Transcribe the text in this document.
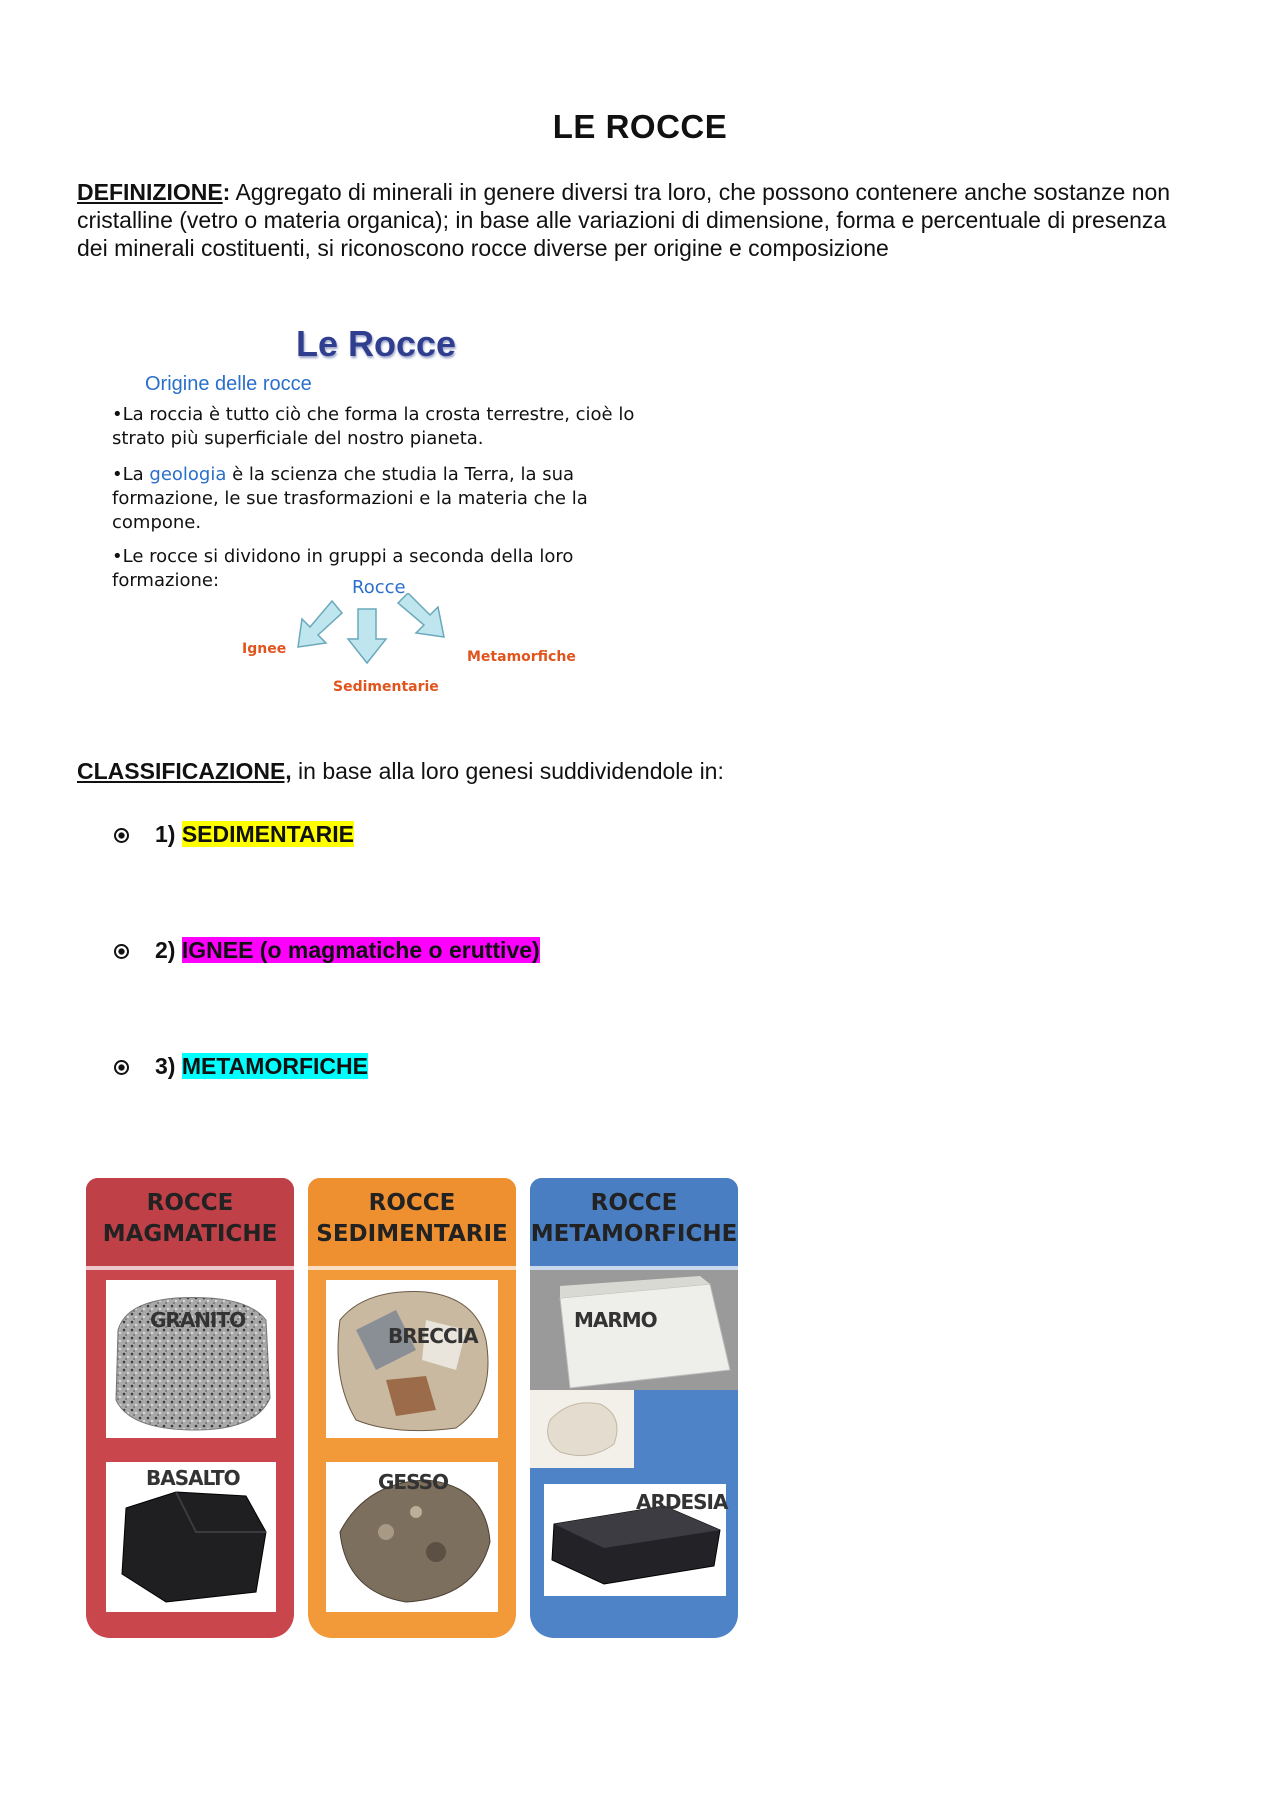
LE ROCCE
DEFINIZIONE: Aggregato di minerali in genere diversi tra loro, che possono contenere anche sostanze non cristalline (vetro o materia organica); in base alle variazioni di dimensione, forma e percentuale di presenza dei minerali costituenti, si riconoscono rocce diverse per origine e composizione
Le Rocce
Origine delle rocce
•La roccia è tutto ciò che forma la crosta terrestre, cioè lo strato più superficiale del nostro pianeta.
•La geologia è la scienza che studia la Terra, la sua formazione, le sue trasformazioni e la materia che la compone.
•Le rocce si dividono in gruppi a seconda della loro formazione:	Rocce
Ignee
Sedimentarie
Metamorfiche
CLASSIFICAZIONE, in base alla loro genesi suddividendole in:
1) SEDIMENTARIE
2) IGNEE (o magmatiche o eruttive)
3) METAMORFICHE
ROCCE
MAGMATICHE
GRANITO
BASALTO
ROCCE
SEDIMENTARIE
BRECCIA
GESSO
ROCCE
METAMORFICHE
MARMO
ARDESIA
